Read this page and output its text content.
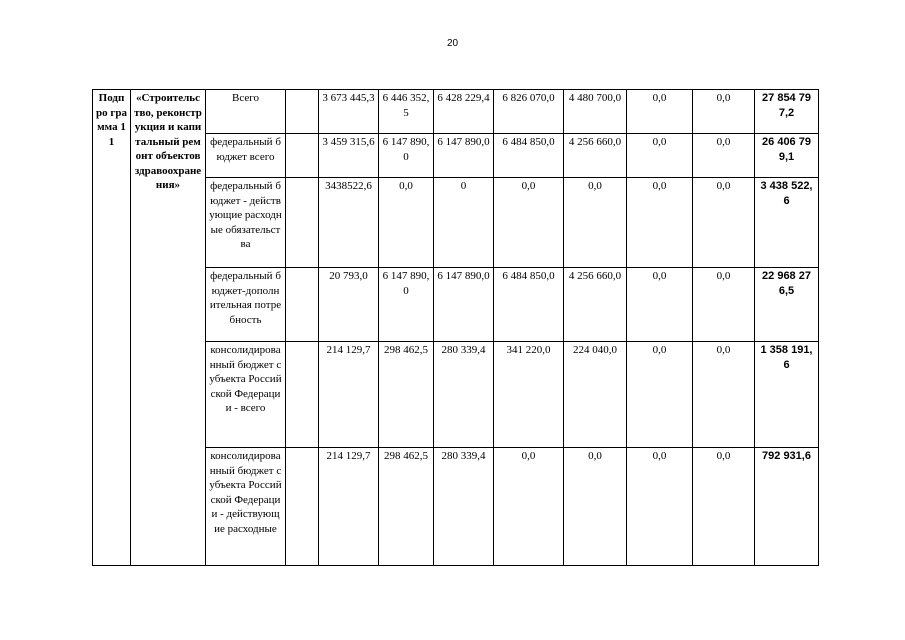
20
Подпро гра мма 11	«Строительство, реконструкция и капитальный ремонт объектов здравоохранения»	Всего		3 673 445,3	6 446 352,5	6 428 229,4	6 826 070,0	4 480 700,0	0,0	0,0	27 854 797,2
		федеральный бюджет всего		3 459 315,6	6 147 890,0	6 147 890,0	6 484 850,0	4 256 660,0	0,0	0,0	26 406 799,1
		федеральный бюджет - действующие расходные обязательства		3438522,6	0,0	0	0,0	0,0	0,0	0,0	3 438 522,6
		федеральный бюджет-дополнительная потребность		20 793,0	6 147 890,0	6 147 890,0	6 484 850,0	4 256 660,0	0,0	0,0	22 968 276,5
		консолидированный бюджет субъекта Российской Федерации - всего		214 129,7	298 462,5	280 339,4	341 220,0	224 040,0	0,0	0,0	1 358 191,6
		консолидированный бюджет субъекта Российской Федерации - действующие расходные		214 129,7	298 462,5	280 339,4	0,0	0,0	0,0	0,0	792 931,6
